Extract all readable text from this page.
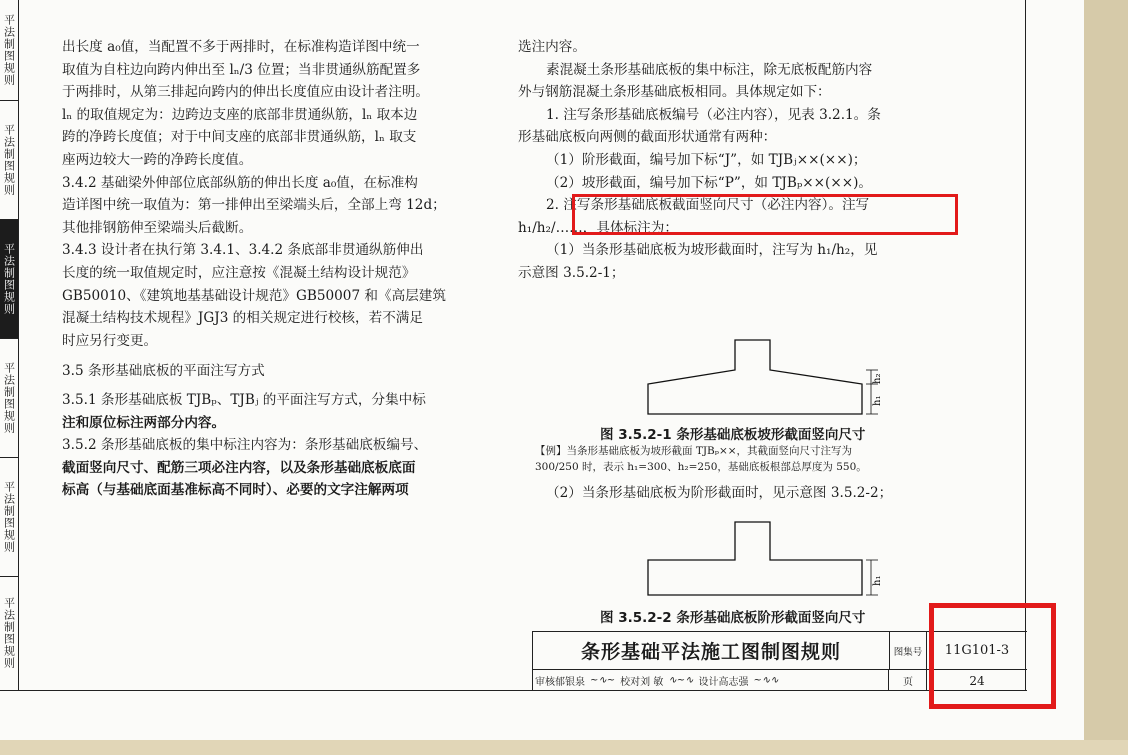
平法制图规则
平法制图规则
平法制图规则
平法制图规则
平法制图规则
平法制图规则

出长度 a₀值，当配置不多于两排时，在标准构造详图中统一

取值为自柱边向跨内伸出至 lₙ/3 位置；当非贯通纵筋配置多

于两排时，从第三排起向跨内的伸出长度值应由设计者注明。

lₙ 的取值规定为：边跨边支座的底部非贯通纵筋，lₙ 取本边

跨的净跨长度值；对于中间支座的底部非贯通纵筋，lₙ 取支

座两边较大一跨的净跨长度值。

3.4.2 基础梁外伸部位底部纵筋的伸出长度 a₀值，在标准构

造详图中统一取值为：第一排伸出至梁端头后，全部上弯 12d；

其他排钢筋伸至梁端头后截断。

3.4.3 设计者在执行第 3.4.1、3.4.2 条底部非贯通纵筋伸出

长度的统一取值规定时，应注意按《混凝土结构设计规范》

GB50010、《建筑地基基础设计规范》GB50007 和《高层建筑

混凝土结构技术规程》JGJ3 的相关规定进行校核，若不满足

时应另行变更。

3.5 条形基础底板的平面注写方式

3.5.1 条形基础底板 TJBₚ、TJBⱼ 的平面注写方式，分集中标

注和原位标注两部分内容。

3.5.2 条形基础底板的集中标注内容为：条形基础底板编号、

截面竖向尺寸、配筋三项必注内容，以及条形基础底板底面

标高（与基础底面基准标高不同时）、必要的文字注解两项

选注内容。

素混凝土条形基础底板的集中标注，除无底板配筋内容

外与钢筋混凝土条形基础底板相同。具体规定如下：

1. 注写条形基础底板编号（必注内容），见表 3.2.1。条

形基础底板向两侧的截面形状通常有两种：

（1）阶形截面，编号加下标“J”，如 TJBⱼ××(××)；

（2）坡形截面，编号加下标“P”，如 TJBₚ××(××)。

2. 注写条形基础底板截面竖向尺寸（必注内容）。注写

h₁/h₂/……，具体标注为：

（1）当条形基础底板为坡形截面时，注写为 h₁/h₂，见

示意图 3.5.2-1；

h₁
h₂
图 3.5.2-1 条形基础底板坡形截面竖向尺寸

【例】当条形基础底板为坡形截面 TJBₚ××，其截面竖向尺寸注写为

300/250 时，表示 h₁=300、h₂=250，基础底板根部总厚度为 550。

（2）当条形基础底板为阶形截面时，见示意图 3.5.2-2；
h₁
图 3.5.2-2 条形基础底板阶形截面竖向尺寸
条形基础平法施工图制图规则	图集号	11G101-3
审核 郁银泉 ~∿~ 校对 刘 敏 ∿~∿ 设计 高志强 ~∿∿	页	24
